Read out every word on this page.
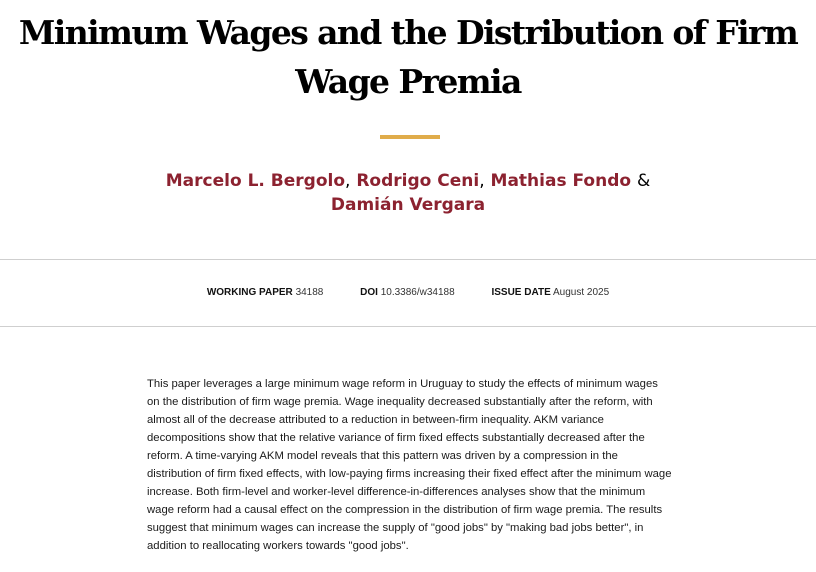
Minimum Wages and the Distribution of Firm Wage Premia
Marcelo L. Bergolo, Rodrigo Ceni, Mathias Fondo &
Damián Vergara
WORKING PAPER 34188	DOI 10.3386/w34188	ISSUE DATE August 2025

This paper leverages a large minimum wage reform in Uruguay to study the effects of minimum wages on the distribution of firm wage premia. Wage inequality decreased substantially after the reform, with almost all of the decrease attributed to a reduction in between-firm inequality. AKM variance decompositions show that the relative variance of firm fixed effects substantially decreased after the reform. A time-varying AKM model reveals that this pattern was driven by a compression in the distribution of firm fixed effects, with low-paying firms increasing their fixed effect after the minimum wage increase. Both firm-level and worker-level difference-in-differences analyses show that the minimum wage reform had a causal effect on the compression in the distribution of firm wage premia. The results suggest that minimum wages can increase the supply of "good jobs" by "making bad jobs better", in addition to reallocating workers towards "good jobs".
